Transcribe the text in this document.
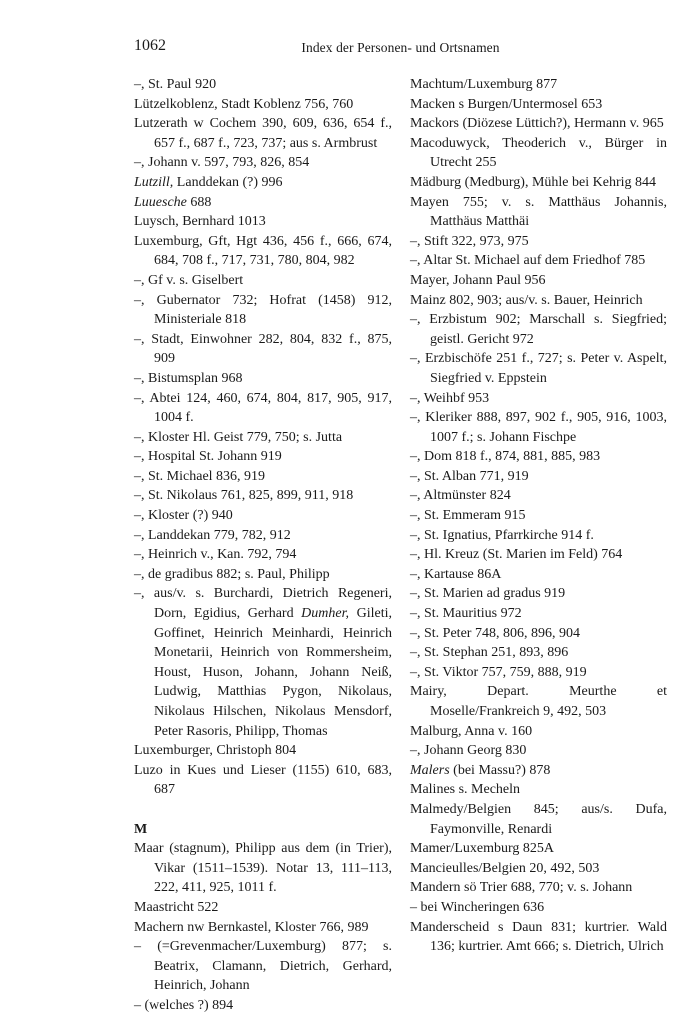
1062	Index der Personen- und Ortsnamen

–, St. Paul 920

Lützelkoblenz, Stadt Koblenz 756, 760

Lutzerath w Cochem 390, 609, 636, 654 f., 657 f., 687 f., 723, 737; aus s. Armbrust

–, Johann v. 597, 793, 826, 854

Lutzill, Landdekan (?) 996

Luuesche 688

Luysch, Bernhard 1013

Luxemburg, Gft, Hgt 436, 456 f., 666, 674, 684, 708 f., 717, 731, 780, 804, 982

–, Gf v. s. Giselbert

–, Gubernator 732; Hofrat (1458) 912, Ministeriale 818

–, Stadt, Einwohner 282, 804, 832 f., 875, 909

–, Bistumsplan 968

–, Abtei 124, 460, 674, 804, 817, 905, 917, 1004 f.

–, Kloster Hl. Geist 779, 750; s. Jutta

–, Hospital St. Johann 919

–, St. Michael 836, 919

–, St. Nikolaus 761, 825, 899, 911, 918

–, Kloster (?) 940

–, Landdekan 779, 782, 912

–, Heinrich v., Kan. 792, 794

–, de gradibus 882; s. Paul, Philipp

–, aus/v. s. Burchardi, Dietrich Regeneri, Dorn, Egidius, Gerhard Dumher, Gileti, Goffinet, Heinrich Meinhardi, Heinrich Monetarii, Heinrich von Rommersheim, Houst, Huson, Johann, Johann Neiß, Ludwig, Matthias Pygon, Nikolaus, Nikolaus Hilschen, Nikolaus Mensdorf, Peter Rasoris, Philipp, Thomas

Luxemburger, Christoph 804

Luzo in Kues und Lieser (1155) 610, 683, 687

M

Maar (stagnum), Philipp aus dem (in Trier), Vikar (1511–1539). Notar 13, 111–113, 222, 411, 925, 1011 f.

Maastricht 522

Machern nw Bernkastel, Kloster 766, 989

– (=Grevenmacher/Luxemburg) 877; s. Beatrix, Clamann, Dietrich, Gerhard, Heinrich, Johann

– (welches ?) 894

Machtum/Luxemburg 877

Macken s Burgen/Untermosel 653

Mackors (Diözese Lüttich?), Hermann v. 965

Macoduwyck, Theoderich v., Bürger in Utrecht 255

Mädburg (Medburg), Mühle bei Kehrig 844

Mayen 755; v. s. Matthäus Johannis, Matthäus Matthäi

–, Stift 322, 973, 975

–, Altar St. Michael auf dem Friedhof 785

Mayer, Johann Paul 956

Mainz 802, 903; aus/v. s. Bauer, Heinrich

–, Erzbistum 902; Marschall s. Siegfried; geistl. Gericht 972

–, Erzbischöfe 251 f., 727; s. Peter v. Aspelt, Siegfried v. Eppstein

–, Weihbf 953

–, Kleriker 888, 897, 902 f., 905, 916, 1003, 1007 f.; s. Johann Fischpe

–, Dom 818 f., 874, 881, 885, 983

–, St. Alban 771, 919

–, Altmünster 824

–, St. Emmeram 915

–, St. Ignatius, Pfarrkirche 914 f.

–, Hl. Kreuz (St. Marien im Feld) 764

–, Kartause 86A

–, St. Marien ad gradus 919

–, St. Mauritius 972

–, St. Peter 748, 806, 896, 904

–, St. Stephan 251, 893, 896

–, St. Viktor 757, 759, 888, 919

Mairy, Depart. Meurthe et Moselle/Frankreich 9, 492, 503

Malburg, Anna v. 160

–, Johann Georg 830

Malers (bei Massu?) 878

Malines s. Mecheln

Malmedy/Belgien 845; aus/s. Dufa, Faymonville, Renardi

Mamer/Luxemburg 825A

Mancieulles/Belgien 20, 492, 503

Mandern sö Trier 688, 770; v. s. Johann

– bei Wincheringen 636

Manderscheid s Daun 831; kurtrier. Wald 136; kurtrier. Amt 666; s. Dietrich, Ulrich
